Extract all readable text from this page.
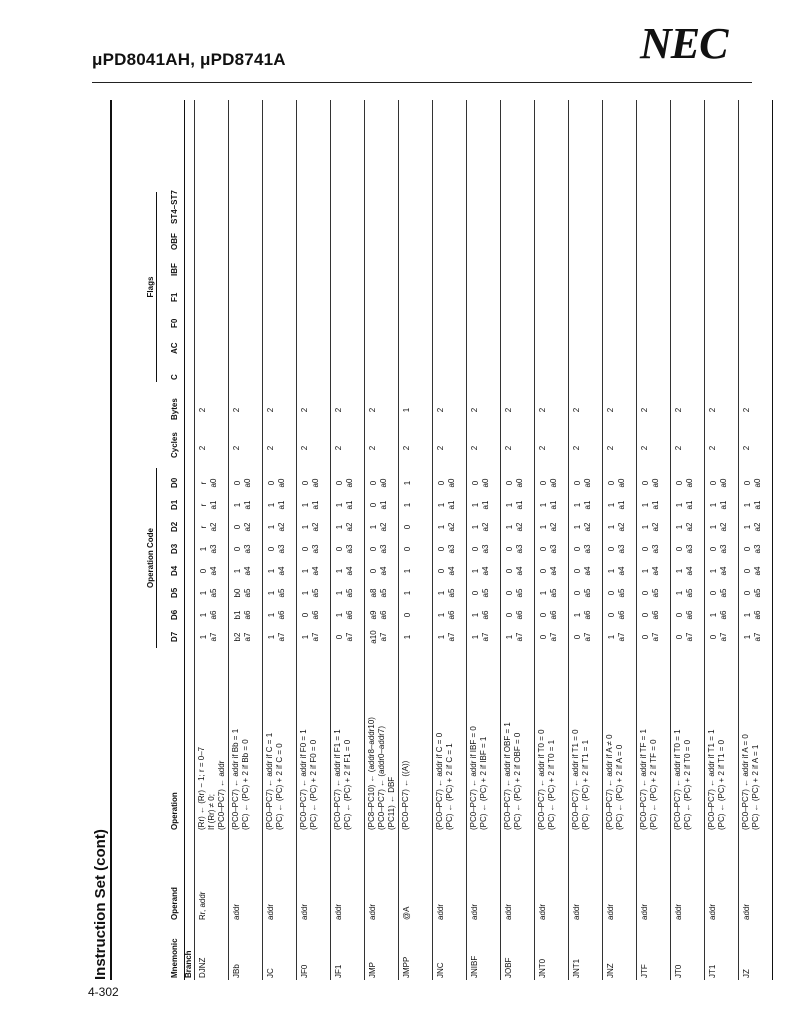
μPD8041AH, μPD8741A	NEC
Instruction Set (cont)	Mnemonic
Operand
Operation
Operation Code
D7
D6
D5
D4
D3
D2
D1
D0
Cycles
Bytes
Flags
C
AC
F0
F1
IBF
OBF
ST4–ST7
Branch DJNZ
Rr, addr
(Rr) ← (Rr) − 1; r = 0–7 If (Rr) ≠ 0; (PC0–PC7) ← addr
1 a7
1 a6
1 a5
0 a4
1 a3
r a2
r a1
r a0
2
2
JBb
addr
(PC0–PC7) ← addr if Bb = 1 (PC) ← (PC) + 2 if Bb = 0
b2 a7
b1 a6
b0 a5
1 a4
0 a3
0 a2
1 a1
0 a0
2
2
JC
addr
(PC0–PC7) ← addr if C = 1 (PC) ← (PC) + 2 if C = 0
1 a7
1 a6
1 a5
1 a4
0 a3
1 a2
1 a1
0 a0
2
2
JF0
addr
(PC0–PC7) ← addr if F0 = 1 (PC) ← (PC) + 2 if F0 = 0
1 a7
0 a6
1 a5
1 a4
0 a3
1 a2
1 a1
0 a0
2
2
JF1
addr
(PC0–PC7) ← addr if F1 = 1 (PC) ← (PC) + 2 if F1 = 0
0 a7
1 a6
1 a5
1 a4
0 a3
1 a2
1 a1
0 a0
2
2
JMP
addr
(PC8–PC10) ← (addr8–addr10) (PC0–PC7) ← (addr0–addr7) (PC11) ← DBF
a10 a7
a9 a6
a8 a5
0 a4
0 a3
1 a2
0 a1
0 a0
2
2
JMPP
@A
(PC0–PC7) ← ((A))
1

0

1

1

0

0

1

1

2
1
JNC
addr
(PC0–PC7) ← addr if C = 0 (PC) ← (PC) + 2 if C = 1
1 a7
1 a6
1 a5
0 a4
0 a3
1 a2
1 a1
0 a0
2
2
JNIBF
addr
(PC0–PC7) ← addr if IBF = 0 (PC) ← (PC) + 2 if IBF = 1
1 a7
1 a6
0 a5
1 a4
0 a3
1 a2
1 a1
0 a0
2
2
JOBF
addr
(PC0–PC7) ← addr if OBF = 1 (PC) ← (PC) + 2 if OBF = 0
1 a7
0 a6
0 a5
0 a4
0 a3
1 a2
1 a1
0 a0
2
2
JNT0
addr
(PC0–PC7) ← addr if T0 = 0 (PC) ← (PC) + 2 if T0 = 1
0 a7
0 a6
1 a5
0 a4
0 a3
1 a2
1 a1
0 a0
2
2
JNT1
addr
(PC0–PC7) ← addr if T1 = 0 (PC) ← (PC) + 2 if T1 = 1
0 a7
1 a6
0 a5
0 a4
0 a3
1 a2
1 a1
0 a0
2
2
JNZ
addr
(PC0–PC7) ← addr if A ≠ 0 (PC) ← (PC) + 2 if A = 0
1 a7
0 a6
0 a5
1 a4
0 a3
1 a2
1 a1
0 a0
2
2
JTF
addr
(PC0–PC7) ← addr if TF = 1 (PC) ← (PC) + 2 if TF = 0
0 a7
0 a6
0 a5
1 a4
0 a3
1 a2
1 a1
0 a0
2
2
JT0
addr
(PC0–PC7) ← addr if T0 = 1 (PC) ← (PC) + 2 if T0 = 0
0 a7
0 a6
1 a5
1 a4
0 a3
1 a2
1 a1
0 a0
2
2
JT1
addr
(PC0–PC7) ← addr if T1 = 1 (PC) ← (PC) + 2 if T1 = 0
0 a7
1 a6
0 a5
1 a4
0 a3
1 a2
1 a1
0 a0
2
2
JZ
addr
(PC0–PC7) ← addr if A = 0 (PC) ← (PC) + 2 if A = 1
1 a7
1 a6
0 a5
0 a4
0 a3
1 a2
1 a1
0 a0
2
2
4-302
